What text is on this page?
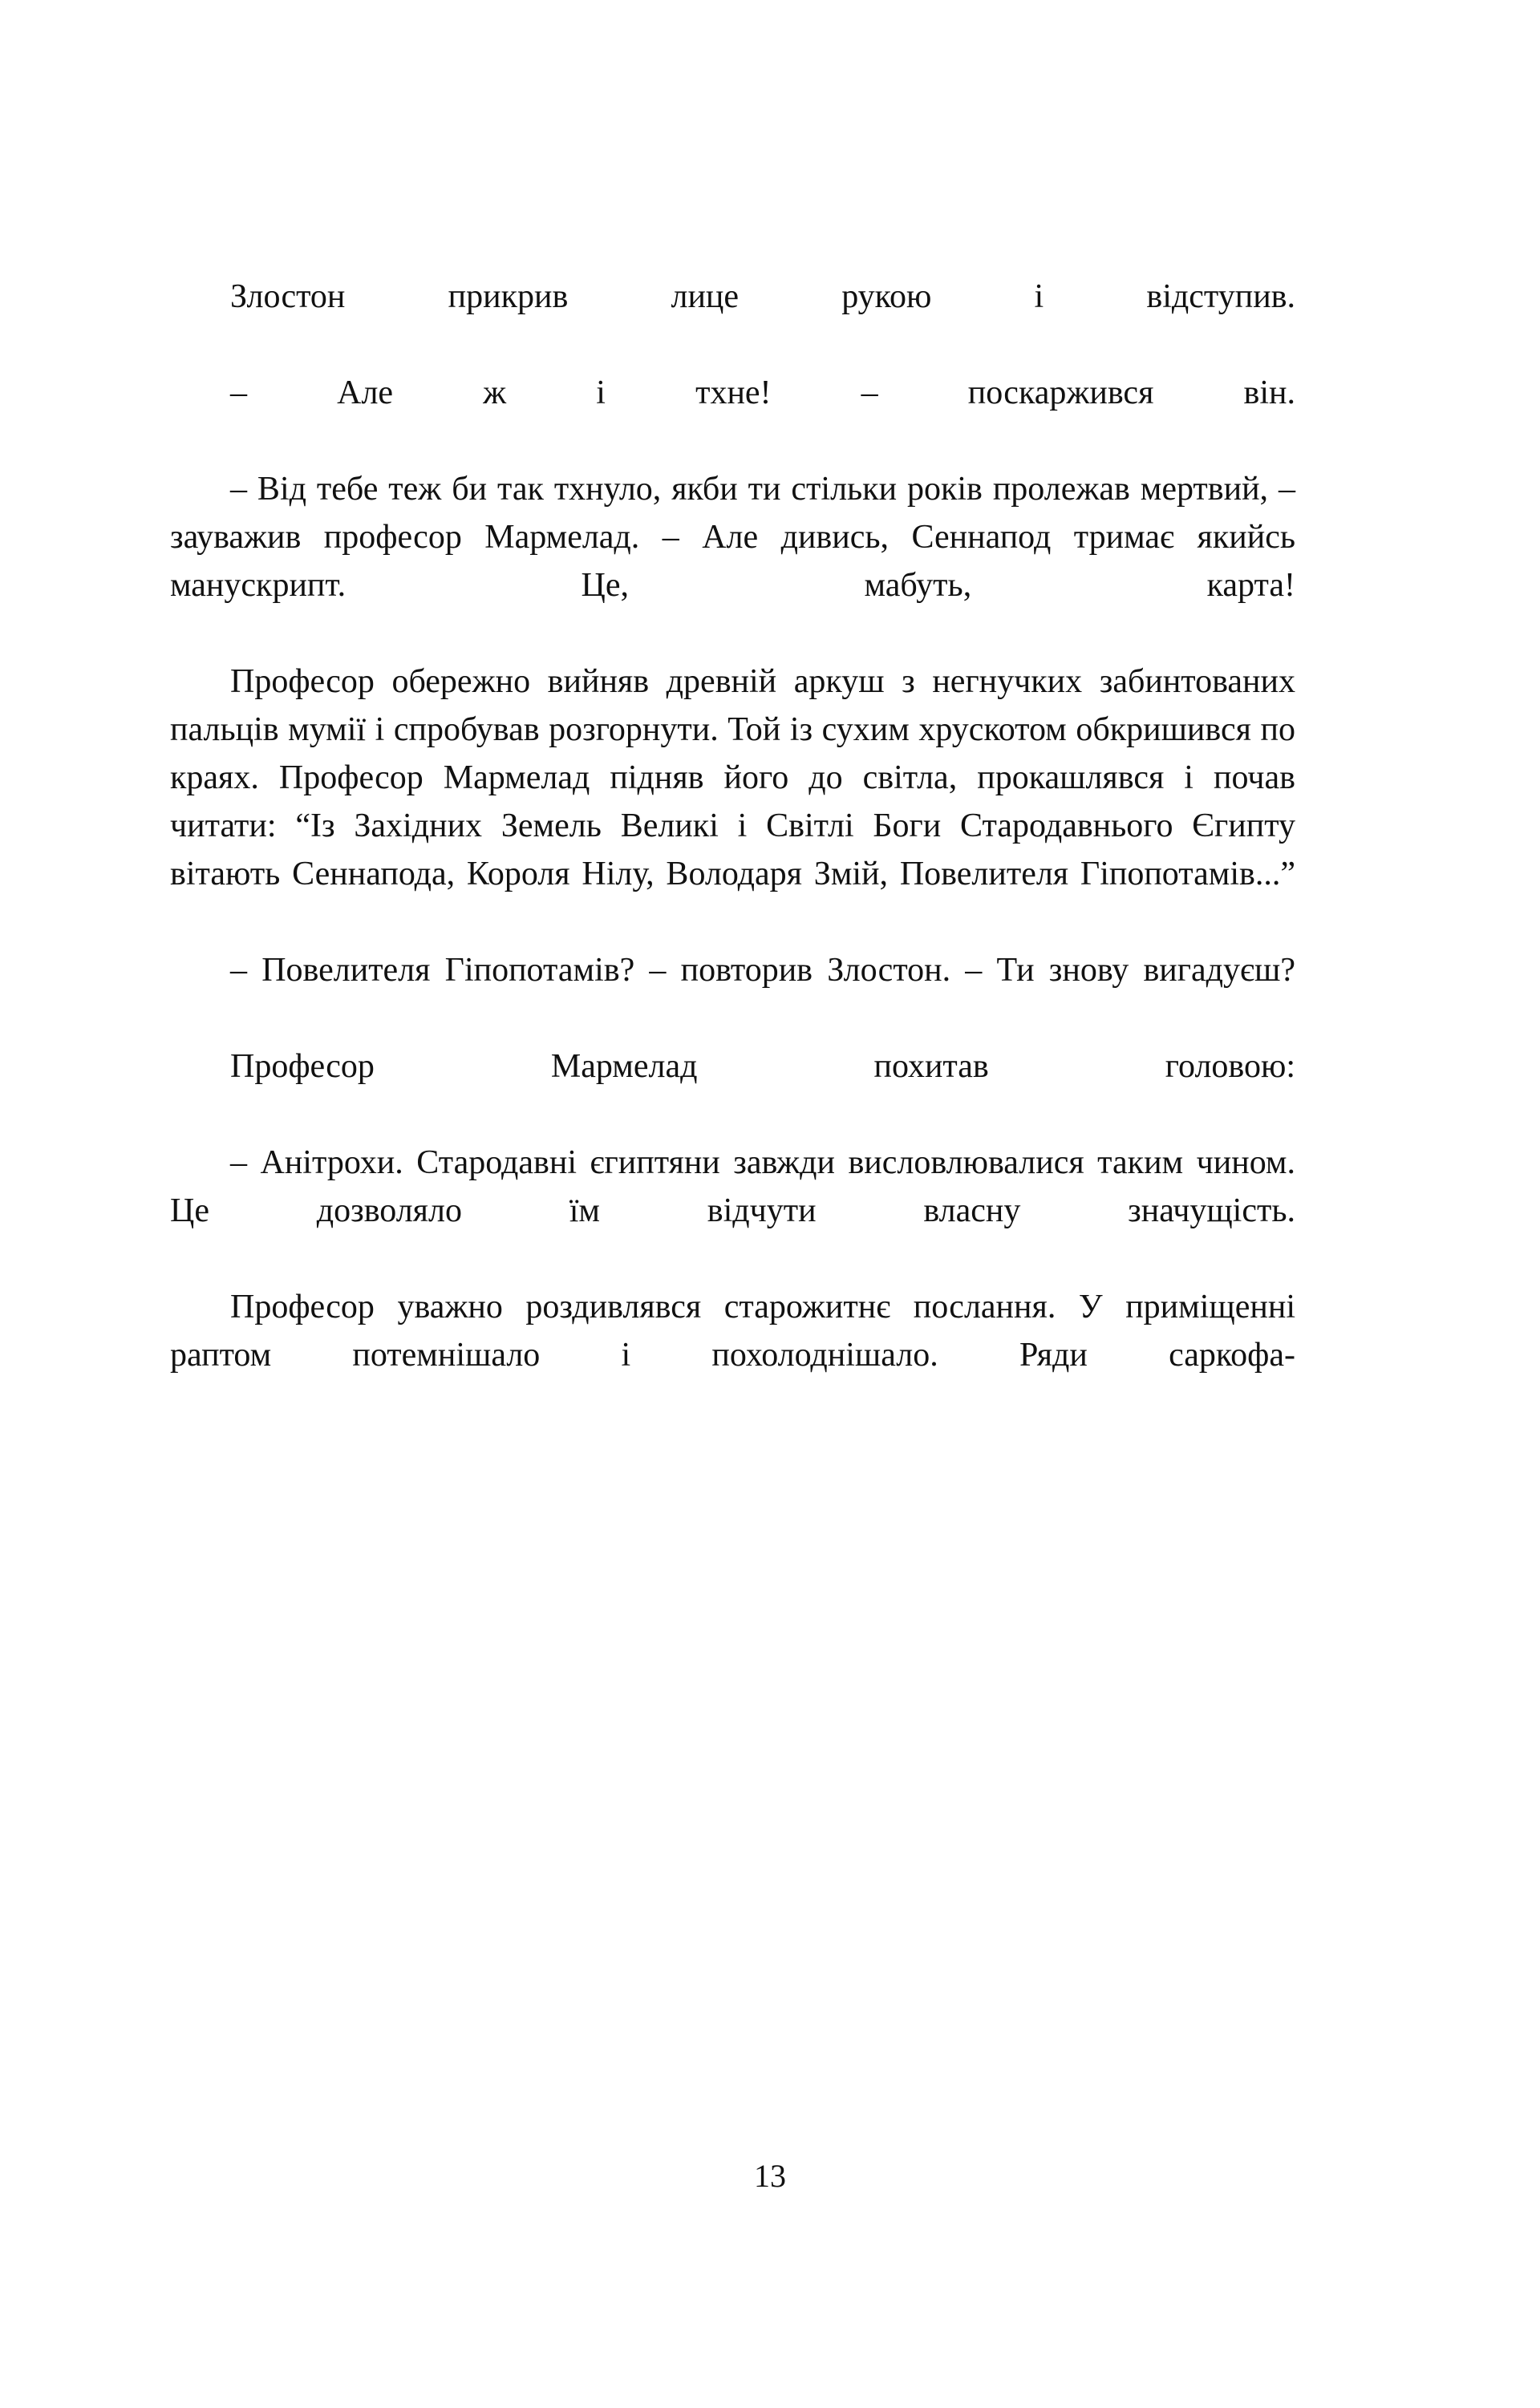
Злостон прикрив лице рукою і відступив.

– Але ж і тхне! – поскаржився він.

– Від тебе теж би так тхнуло, якби ти стільки років пролежав мертвий, – зауважив професор Мармелад. – Але дивись, Сеннапод тримає якийсь манускрипт. Це, мабуть, карта!

Професор обережно вийняв древній аркуш з негнучких забинтованих пальців мумії і спробував розгорнути. Той із сухим хрускотом обкришився по краях. Професор Мармелад підняв його до світла, прокашлявся і почав читати: “Із Західних Земель Великі і Світлі Боги Стародавнього Єгипту вітають Сеннапода, Короля Нілу, Володаря Змій, Повелителя Гіпопотамів...”

– Повелителя Гіпопотамів? – повторив Злостон. – Ти знову вигадуєш?

Професор Мармелад похитав головою:

– Анітрохи. Стародавні єгиптяни завжди висловлювалися таким чином. Це дозволяло їм відчути власну значущість.

Професор уважно роздивлявся старожитнє послання. У приміщенні раптом потемнішало і похолоднішало. Ряди саркофа-

13
